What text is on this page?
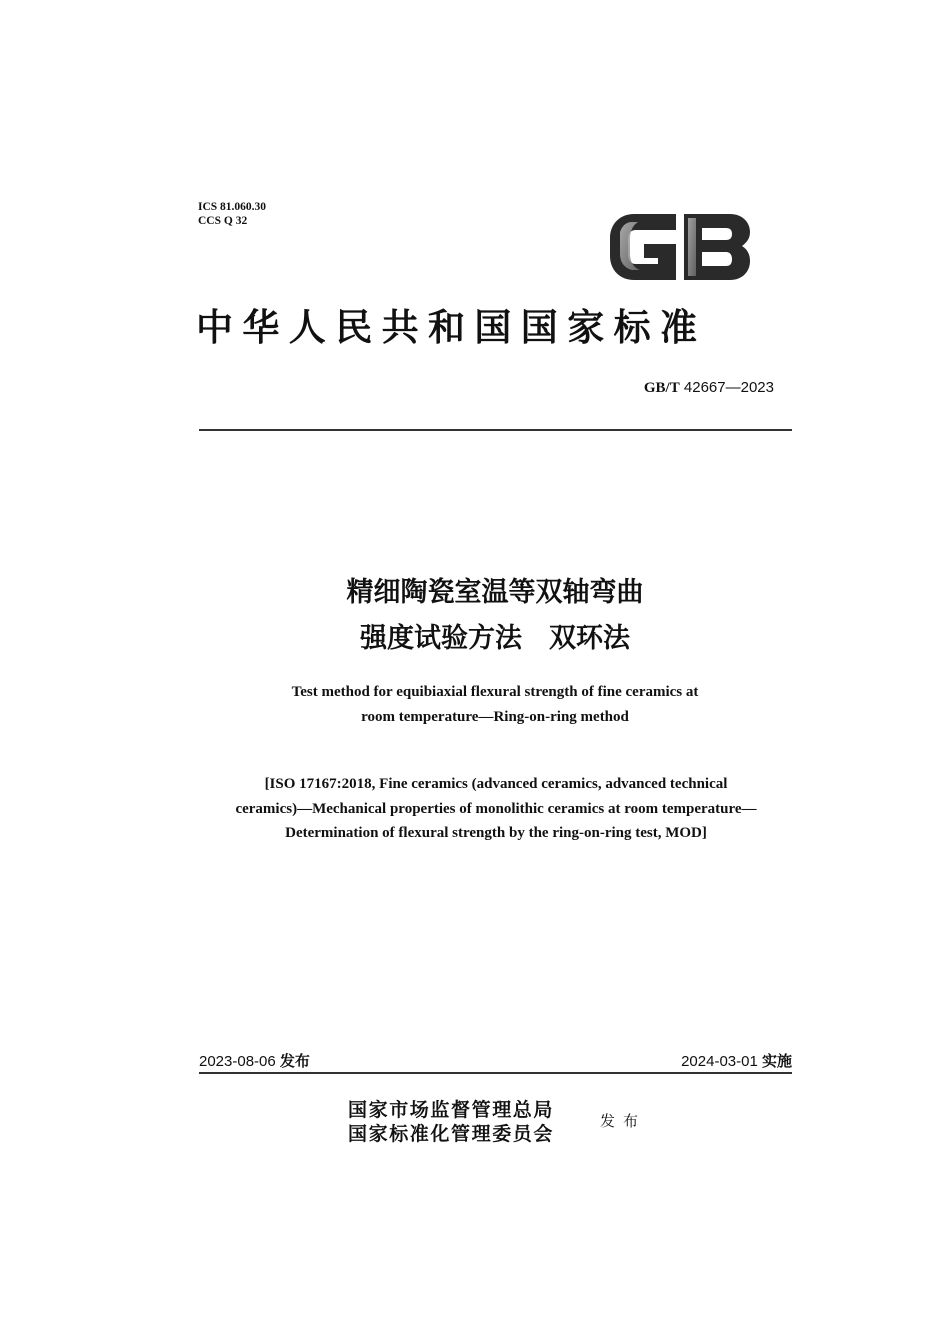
ICS 81.060.30
CCS Q 32
中华人民共和国国家标准
GB/T 42667—2023
精细陶瓷室温等双轴弯曲
强度试验方法　双环法
Test method for equibiaxial flexural strength of fine ceramics at
room temperature—Ring-on-ring method
[ISO 17167:2018, Fine ceramics (advanced ceramics, advanced technical
ceramics)—Mechanical properties of monolithic ceramics at room temperature—
Determination of flexural strength by the ring-on-ring test, MOD]
2023-08-06 发布	2024-03-01 实施
国家市场监督管理总局
国家标准化管理委员会
发布
